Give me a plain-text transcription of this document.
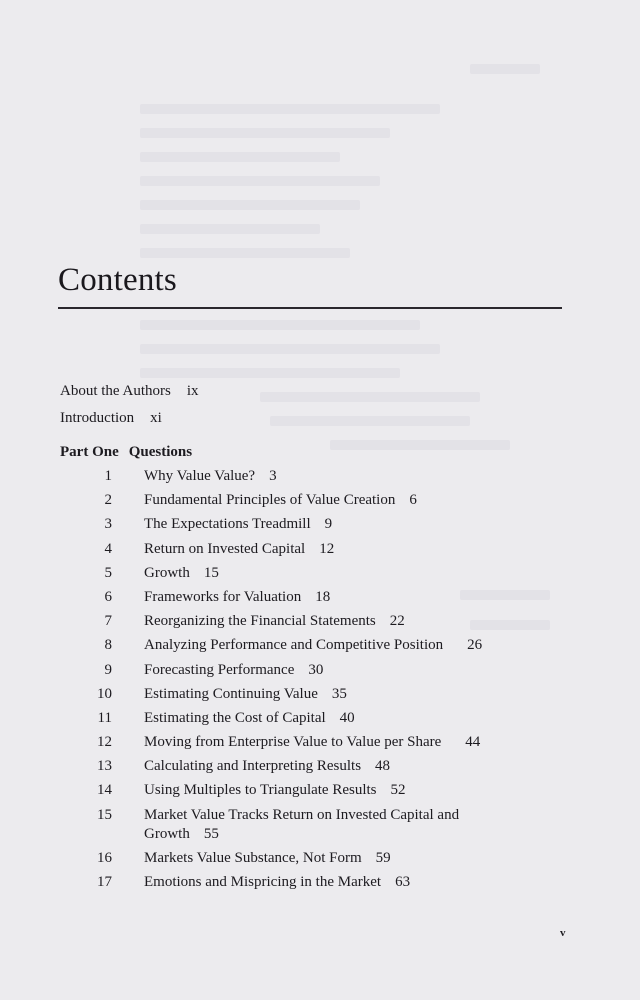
Contents
About the Authors ix
Introduction xi
Part One Questions
1 Why Value Value? 3
2 Fundamental Principles of Value Creation 6
3 The Expectations Treadmill 9
4 Return on Invested Capital 12
5 Growth 15
6 Frameworks for Valuation 18
7 Reorganizing the Financial Statements 22
8 Analyzing Performance and Competitive Position 26
9 Forecasting Performance 30
10 Estimating Continuing Value 35
11 Estimating the Cost of Capital 40
12 Moving from Enterprise Value to Value per Share 44
13 Calculating and Interpreting Results 48
14 Using Multiples to Triangulate Results 52
15 Market Value Tracks Return on Invested Capital and Growth 55
16 Markets Value Substance, Not Form 59
17 Emotions and Mispricing in the Market 63
v
